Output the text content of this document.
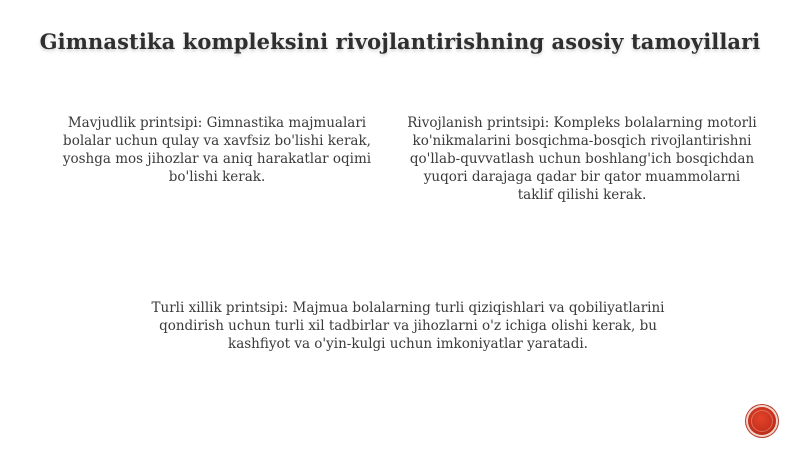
Gimnastika kompleksini rivojlantirishning asosiy tamoyillari

Mavjudlik printsipi: Gimnastika majmualari bolalar uchun qulay va xavfsiz bo'lishi kerak, yoshga mos jihozlar va aniq harakatlar oqimi bo'lishi kerak.

Rivojlanish printsipi: Kompleks bolalarning motorli ko'nikmalarini bosqichma-bosqich rivojlantirishni qo'llab-quvvatlash uchun boshlang'ich bosqichdan yuqori darajaga qadar bir qator muammolarni taklif qilishi kerak.

Turli xillik printsipi: Majmua bolalarning turli qiziqishlari va qobiliyatlarini qondirish uchun turli xil tadbirlar va jihozlarni o'z ichiga olishi kerak, bu kashfiyot va o'yin-kulgi uchun imkoniyatlar yaratadi.
